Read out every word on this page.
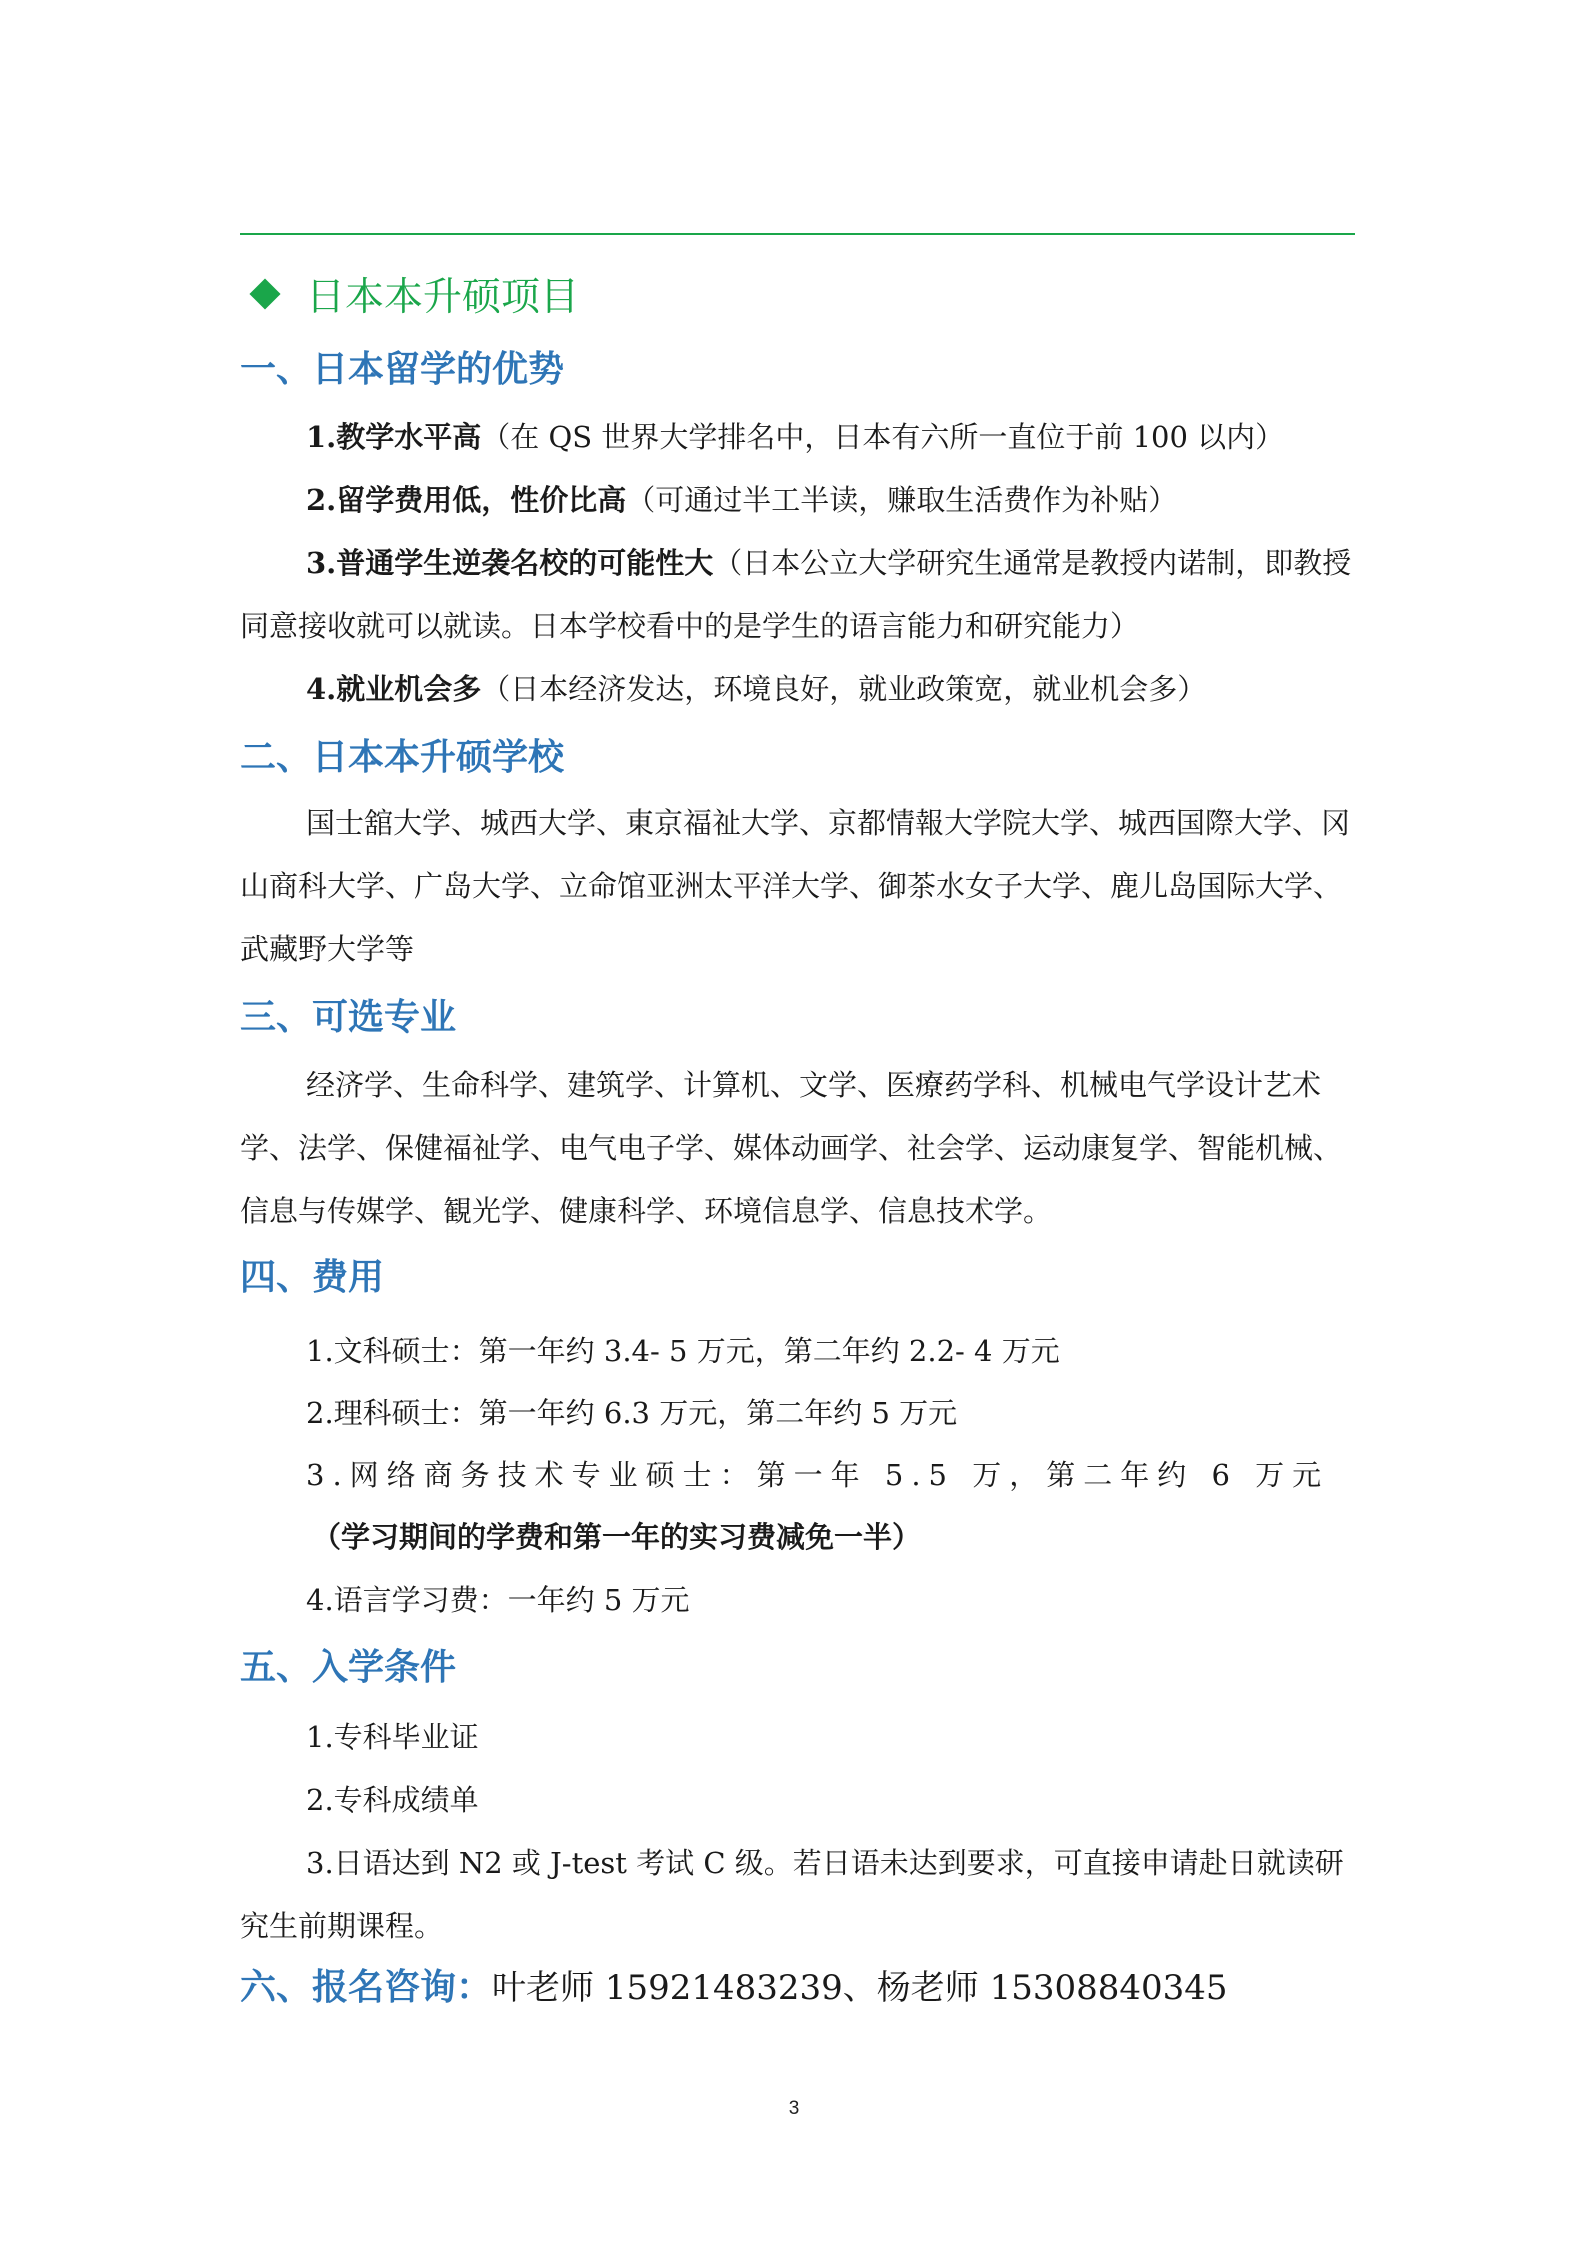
日本本升硕项目
一、日本留学的优势
1.教学水平高（在 QS 世界大学排名中，日本有六所一直位于前 100 以内）
2.留学费用低，性价比高（可通过半工半读，赚取生活费作为补贴）

3.普通学生逆袭名校的可能性大（日本公立大学研究生通常是教授内诺制，即教授同意接收就可以就读。日本学校看中的是学生的语言能力和研究能力）

4.就业机会多（日本经济发达，环境良好，就业政策宽，就业机会多）
二、日本本升硕学校

国士舘大学、城西大学、東京福祉大学、京都情報大学院大学、城西国際大学、冈山商科大学、广岛大学、立命馆亚洲太平洋大学、御茶水女子大学、鹿儿岛国际大学、武藏野大学等

三、可选专业

经济学、生命科学、建筑学、计算机、文学、医療药学科、机械电气学设计艺术学、法学、保健福祉学、电气电子学、媒体动画学、社会学、运动康复学、智能机械、信息与传媒学、観光学、健康科学、环境信息学、信息技术学。

四、费用
1.文科硕士：第一年约 3.4- 5 万元，第二年约 2.2- 4 万元
2.理科硕士：第一年约 6.3 万元，第二年约 5 万元
3.网络商务技术专业硕士：第一年 5.5 万，第二年约 6 万元
（学习期间的学费和第一年的实习费减免一半）
4.语言学习费：一年约 5 万元
五、入学条件
1.专科毕业证
2.专科成绩单

3.日语达到 N2 或 J-test 考试 C 级。若日语未达到要求，可直接申请赴日就读研究生前期课程。

六、报名咨询：叶老师 15921483239、杨老师 15308840345
3
